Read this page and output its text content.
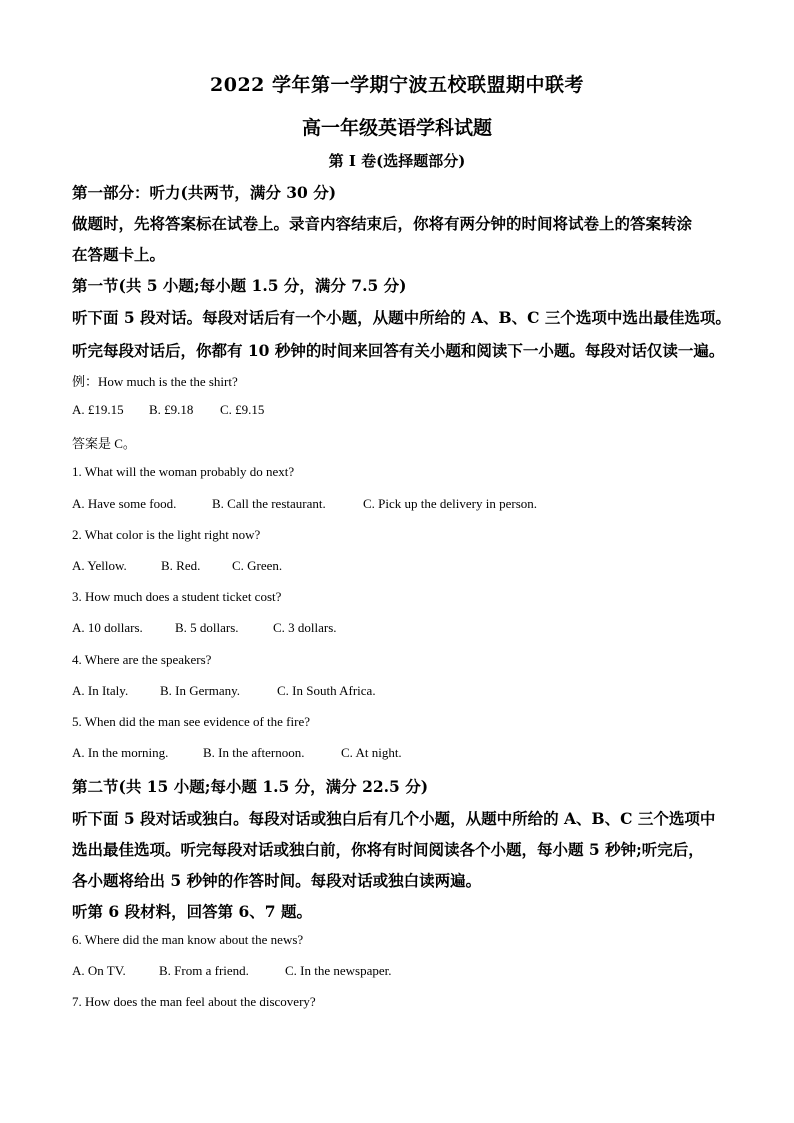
2022 学年第一学期宁波五校联盟期中联考
高一年级英语学科试题
第 I 卷(选择题部分)
第一部分：听力(共两节，满分 30 分)
做题时，先将答案标在试卷上。录音内容结束后，你将有两分钟的时间将试卷上的答案转涂
在答题卡上。
第一节(共 5 小题;每小题 1.5 分，满分 7.5 分)
听下面 5 段对话。每段对话后有一个小题，从题中所给的 A、B、C 三个选项中选出最佳选项。
听完每段对话后，你都有 10 秒钟的时间来回答有关小题和阅读下一小题。每段对话仅读一遍。
例：How much is the the shirt?
A. £19.15 B. £9.18 C. £9.15
答案是 C。
1. What will the woman probably do next?
A. Have some food.	B. Call the restaurant.	C. Pick up the delivery in person.
2. What color is the light right now?
A. Yellow.	B. Red. C. Green.
3. How much does a student ticket cost?
A. 10 dollars. B. 5 dollars.	C. 3 dollars.
4. Where are the speakers?
A. In Italy. B. In Germany.	C. In South Africa.
5. When did the man see evidence of the fire?
A. In the morning.	B. In the afternoon.	C. At night.
第二节(共 15 小题;每小题 1.5 分，满分 22.5 分)
听下面 5 段对话或独白。每段对话或独白后有几个小题，从题中所给的 A、B、C 三个选项中
选出最佳选项。听完每段对话或独白前，你将有时间阅读各个小题，每小题 5 秒钟;听完后，
各小题将给出 5 秒钟的作答时间。每段对话或独白读两遍。
听第 6 段材料，回答第 6、7 题。
6. Where did the man know about the news?
A. On TV.	B. From a friend.	C. In the newspaper.
7. How does the man feel about the discovery?
